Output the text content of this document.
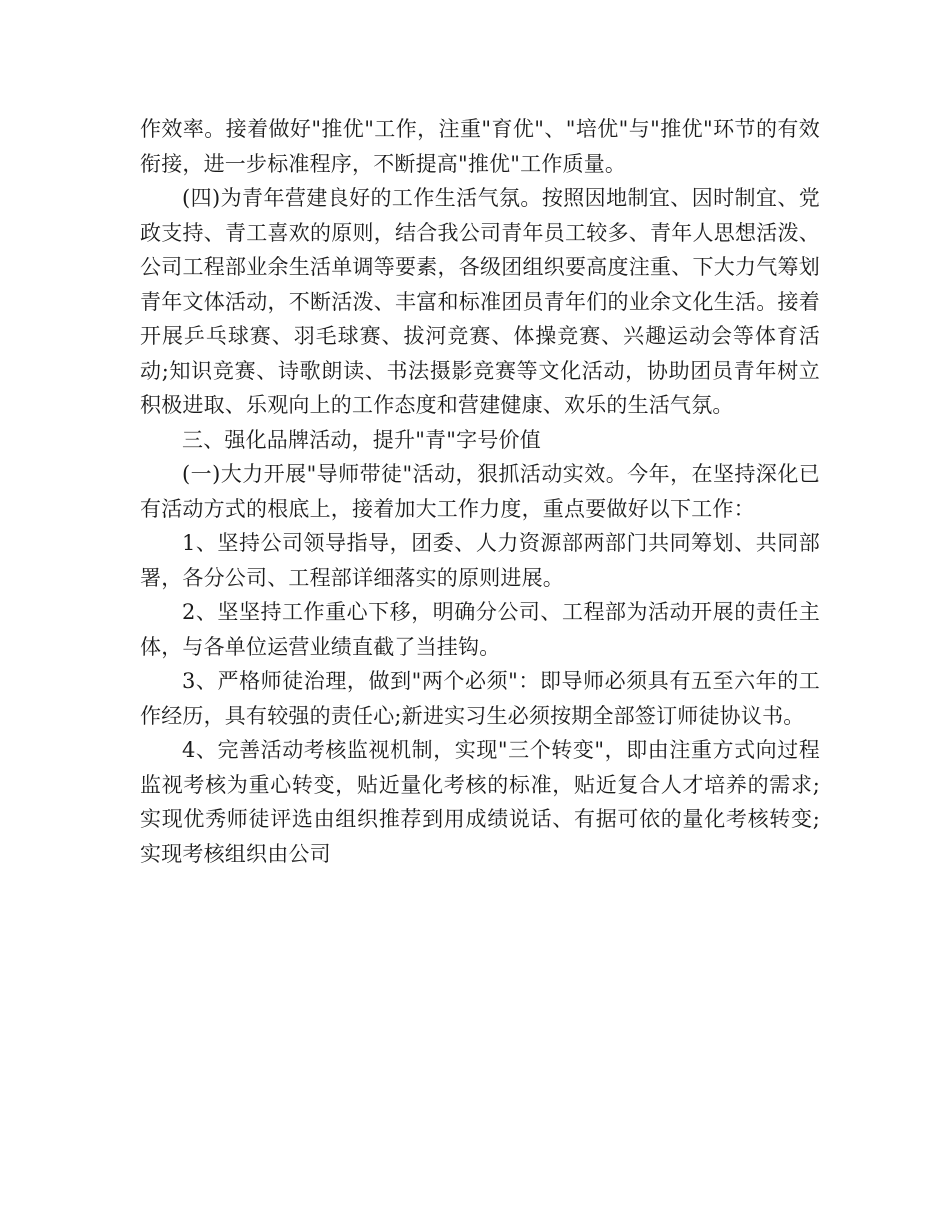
作效率。接着做好"推优"工作，注重"育优"、"培优"与"推优"环节的有效衔接，进一步标准程序，不断提高"推优"工作质量。

(四)为青年营建良好的工作生活气氛。按照因地制宜、因时制宜、党政支持、青工喜欢的原则，结合我公司青年员工较多、青年人思想活泼、公司工程部业余生活单调等要素，各级团组织要高度注重、下大力气筹划青年文体活动，不断活泼、丰富和标准团员青年们的业余文化生活。接着开展乒乓球赛、羽毛球赛、拔河竞赛、体操竞赛、兴趣运动会等体育活动;知识竞赛、诗歌朗读、书法摄影竞赛等文化活动，协助团员青年树立积极进取、乐观向上的工作态度和营建健康、欢乐的生活气氛。

三、强化品牌活动，提升"青"字号价值

(一)大力开展"导师带徒"活动，狠抓活动实效。今年，在坚持深化已有活动方式的根底上，接着加大工作力度，重点要做好以下工作：

1、坚持公司领导指导，团委、人力资源部两部门共同筹划、共同部署，各分公司、工程部详细落实的原则进展。

2、坚坚持工作重心下移，明确分公司、工程部为活动开展的责任主体，与各单位运营业绩直截了当挂钩。

3、严格师徒治理，做到"两个必须"：即导师必须具有五至六年的工作经历，具有较强的责任心;新进实习生必须按期全部签订师徒协议书。

4、完善活动考核监视机制，实现"三个转变"，即由注重方式向过程监视考核为重心转变，贴近量化考核的标准，贴近复合人才培养的需求;实现优秀师徒评选由组织推荐到用成绩说话、有据可依的量化考核转变;实现考核组织由公司
